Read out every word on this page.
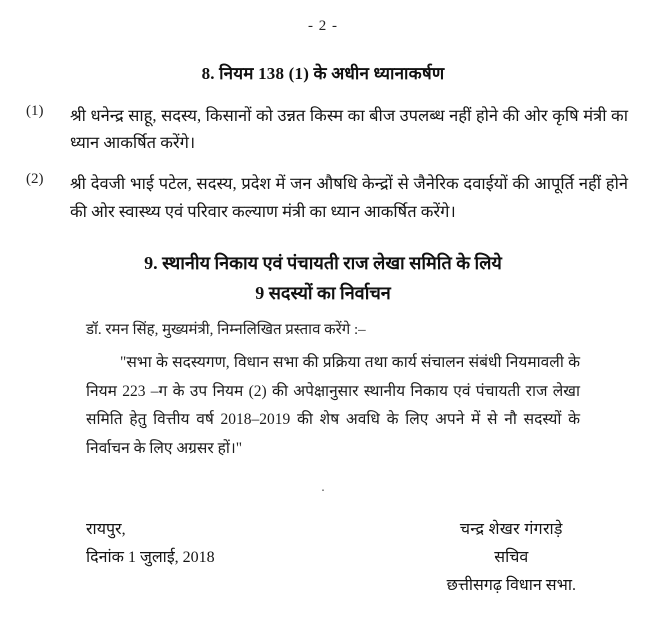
- 2 -
8. नियम 138 (1) के अधीन ध्यानाकर्षण
(1)	श्री धनेन्द्र साहू, सदस्य, किसानों को उन्नत किस्म का बीज उपलब्ध नहीं होने की ओर कृषि मंत्री का ध्यान आकर्षित करेंगे।
(2)	श्री देवजी भाई पटेल, सदस्य, प्रदेश में जन औषधि केन्द्रों से जैनेरिक दवाईयों की आपूर्ति नहीं होने की ओर स्वास्थ्य एवं परिवार कल्याण मंत्री का ध्यान आकर्षित करेंगे।
9. स्थानीय निकाय एवं पंचायती राज लेखा समिति के लिये
9 सदस्यों का निर्वाचन
डॉ. रमन सिंह, मुख्यमंत्री, निम्नलिखित प्रस्ताव करेंगे :–
"सभा के सदस्यगण, विधान सभा की प्रक्रिया तथा कार्य संचालन संबंधी नियमावली के नियम 223 –ग के उप नियम (2) की अपेक्षानुसार स्थानीय निकाय एवं पंचायती राज लेखा समिति हेतु वित्तीय वर्ष 2018–2019 की शेष अवधि के लिए अपने में से नौ सदस्यों के निर्वाचन के लिए अग्रसर हों।"
.
रायपुर,
दिनांक 1 जुलाई, 2018
चन्द्र शेखर गंगराड़े
सचिव
छत्तीसगढ़ विधान सभा.
